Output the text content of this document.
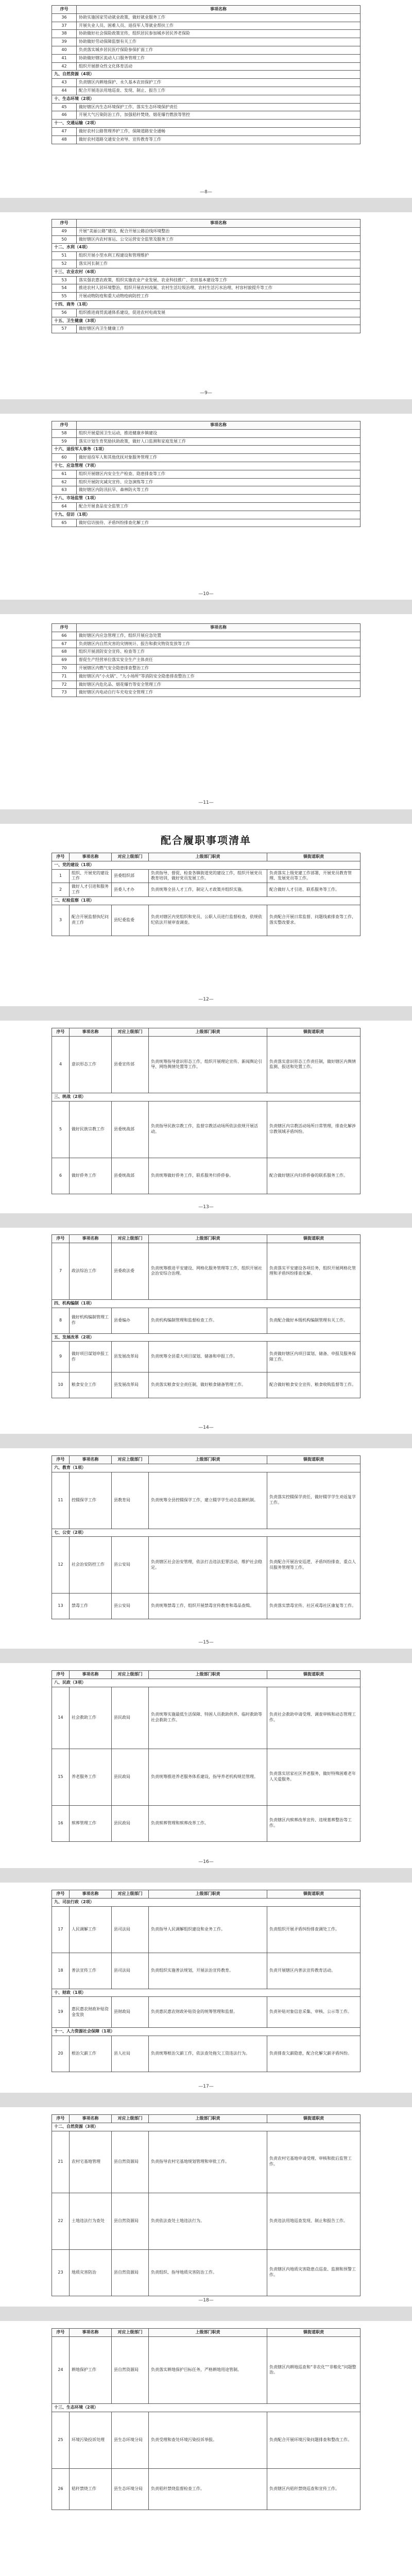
序号	事项名称
36	协助实施国家劳动就业政策，做好就业服务工作
37	开展失业人员、困难人员、退役军人等就业帮扶工作
38	协助做好社会保险政策宣传，组织居民参加城乡居民养老保险
39	协助做好劳动保障监察有关工作
40	负责落实城乡居民医疗保险参保扩面工作
41	协助做好辖区流动人口服务管理工作
42	组织开展群众性文化体育活动
九、自然资源（4项）	
43	负责辖区内耕地保护、永久基本农田保护工作
44	配合开展违法用地巡查、发现、制止、报告工作
十、生态环境（2项）	
45	做好辖区内生态环境保护工作，落实生态环境保护责任
46	开展大气污染防治工作，加强秸秆焚烧、烟花爆竹燃放等管控
十一、交通运输（2项）	
47	做好农村公路管理养护工作，保障道路安全通畅
48	做好农村道路交通安全劝导、宣传教育等工作
—8—
序号	事项名称
49	开展“美丽公路”建设，配合开展公路沿线环境整治
50	做好辖区内农村客运、公交运营安全监管及服务工作
十二、水利（4项）	
51	组织开展小型水利工程建设和管理维护
52	落实河长制工作
十三、农业农村（6项）	
53	落实强农惠农政策，组织实施农业产业发展、农业科技推广、农田基本建设等工作
54	推进农村人居环境整治，组织开展农村改厕、农村生活垃圾治理、农村生活污水治理、村容村貌提升等工作
55	开展动物防疫和重大动物疫病防控工作
十四、商务（1项）	
56	组织推进商贸流通体系建设，促进农村电商发展
十五、卫生健康（3项）	
57	做好辖区内卫生健康工作
—9—
序号	事项名称
58	组织开展爱国卫生运动，推进健康乡镇建设
59	落实计划生育奖励扶助政策，做好人口监测和家庭发展工作
十六、退役军人事务（1项）	
60	做好退役军人和其他优抚对象服务管理工作
十七、应急管理（7项）	
61	组织开展辖区内安全生产检查、隐患排查等工作
62	组织开展防灾减灾宣传、应急演练等工作
63	做好辖区内防汛抗旱、森林防火等工作
十八、市场监管（1项）	
64	配合开展食品安全监管工作
十九、信访（1项）	
65	做好信访接待、矛盾纠纷排查化解工作
—10—
序号	事项名称
66	做好辖区内应急管理工作，组织开展应急处置
67	负责辖区内自然灾害的灾情统计、报告和救灾物资发放等工作
68	组织开展消防安全宣传、检查等工作
69	督促生产经营单位落实安全生产主体责任
70	开展辖区内燃气安全隐患排查整治工作
71	做好辖区内“小火锅”、“九小场所”等消防安全隐患排查整治工作
72	做好辖区内危化品、烟花爆竹等安全管理工作
73	做好辖区内电动自行车充电安全管理工作
—11—
配合履职事项清单
序号	事项名称	对应上级部门	上级部门职责	镇街道职责
一、党的建设（1项）				
1	组织、开展党的建设工作	县委组织部	负责指导、督促、检查各镇街道党的建设工作，组织开展党员教育培训，做好党员发展工作。	负责落实上级党建工作部署，开展党员教育管理、发展党员等工作。
2	做好人才引进和服务工作	县委人才办	负责统筹全县人才工作，制定人才政策并组织实施。	配合做好人才引进、联系服务等工作。
二、纪检监察（1项）				
3	配合开展监督执纪问责工作	县纪委监委	负责对辖区内党组织和党员、公职人员进行监督检查，依规依纪依法开展审查调查。	负责配合开展日常监督、问题线索排查等工作，落实整改要求。
—12—
序号	事项名称	对应上级部门	上级部门职责	镇街道职责
4	意识形态工作	县委宣传部	负责统筹指导意识形态工作，组织开展理论宣传、新闻舆论引导、网络舆情处置等工作。	负责落实意识形态工作责任制，做好辖区内舆情监测、报送和处置工作。
三、统战（2项）				
5	做好民族宗教工作	县委统战部	负责指导民族宗教工作，监督宗教活动场所依法依规开展活动。	负责辖区内宗教活动场所日常管理，排查化解涉宗教领域矛盾纠纷。
6	做好侨务工作	县委统战部	负责统筹做好侨务工作，联系服务归侨侨眷。	配合做好辖区内归侨侨眷的联系服务工作。
—13—
序号	事项名称	对应上级部门	上级部门职责	镇街道职责
7	政法综治工作	县委政法委	负责统筹推进平安建设、网格化服务管理等工作，组织开展社会治安综合治理。	负责落实平安建设各项任务，组织开展网格化管理和矛盾纠纷排查化解。
四、机构编制（1项）				
8	做好机构编制管理工作	县委编办	负责机构编制管理和监督检查工作。	负责配合做好本级机构编制管理有关工作。
五、发展改革（2项）				
9	做好项目谋划申报工作	县发展改革局	负责统筹全县重大项目谋划、储备和申报工作。	负责做好辖区内项目谋划、储备、申报及服务保障工作。
10	粮食安全工作	县发展改革局	负责落实粮食安全责任制，做好粮食储备管理工作。	配合做好粮食安全宣传、粮食收购监督等工作。
—14—
序号	事项名称	对应上级部门	上级部门职责	镇街道职责
六、教育（1项）				
11	控辍保学工作	县教育局	负责统筹全县控辍保学工作，建立辍学学生动态监测机制。	负责落实控辍保学责任，做好辍学学生劝返复学工作。
七、公安（2项）				
12	社会治安防控工作	县公安局	负责辖区社会治安管理，依法打击违法犯罪活动，维护社会稳定。	负责配合开展治安巡逻、矛盾纠纷排查、重点人员服务管理等工作。
13	禁毒工作	县公安局	负责统筹禁毒工作，组织开展禁毒宣传教育和毒品查缉。	负责落实禁毒宣传、社区戒毒社区康复等工作。
—15—
序号	事项名称	对应上级部门	上级部门职责	镇街道职责
八、民政（3项）				
14	社会救助工作	县民政局	负责统筹实施最低生活保障、特困人员救助供养、临时救助等社会救助工作。	负责社会救助申请受理、调查审核和动态管理工作。
15	养老服务工作	县民政局	负责统筹推进养老服务体系建设，指导养老机构规范管理。	负责落实居家社区养老服务，做好特殊困难老年人关爱服务。
16	殡葬管理工作	县民政局	负责殡葬管理和殡葬改革工作。	负责辖区内殡葬改革宣传、违规墓葬整治等工作。
—16—
序号	事项名称	对应上级部门	上级部门职责	镇街道职责
九、司法行政（2项）				
17	人民调解工作	县司法局	负责指导人民调解组织建设和业务工作。	负责组织开展矛盾纠纷排查调处工作。
18	普法宣传工作	县司法局	负责组织实施普法规划，开展法治宣传教育。	负责开展辖区内普法宣传教育活动。
十、财政（1项）				
19	惠民惠农财政补贴资金发放	县财政局	负责惠民惠农财政补贴资金的统筹管理和监督。	负责补贴对象信息采集、审核、公示等工作。
十一、人力资源社会保障（1项）				
20	根治欠薪工作	县人社局	负责统筹根治欠薪工作，依法查处拖欠工资违法行为。	负责排查欠薪隐患，配合化解欠薪矛盾纠纷。
—17—
序号	事项名称	对应上级部门	上级部门职责	镇街道职责
十二、自然资源（3项）				
21	农村宅基地管理	县自然资源局	负责指导农村宅基地规划管理和审批工作。	负责农村宅基地申请受理、审核和批后监管工作。
22	土地违法行为查处	县自然资源局	负责依法查处土地违法行为。	负责违法用地巡查发现、制止和报告工作。
23	地质灾害防治	县自然资源局	负责组织、指导地质灾害防治工作。	负责辖区内地质灾害隐患点巡查、监测和预警工作。
—18—
序号	事项名称	对应上级部门	上级部门职责	镇街道职责
24	耕地保护工作	县自然资源局	负责落实耕地保护目标任务，严格耕地用途管制。	负责辖区内耕地巡查和“非农化”“非粮化”问题整治。
十三、生态环境（2项）				
25	环境污染投诉处理	县生态环境分局	负责受理和查处环境污染投诉举报。	负责配合开展环境污染问题排查和整改工作。
26	秸秆禁烧工作	县生态环境分局	负责秸秆禁烧监督检查工作。	负责辖区内秸秆禁烧巡查和宣传工作。
